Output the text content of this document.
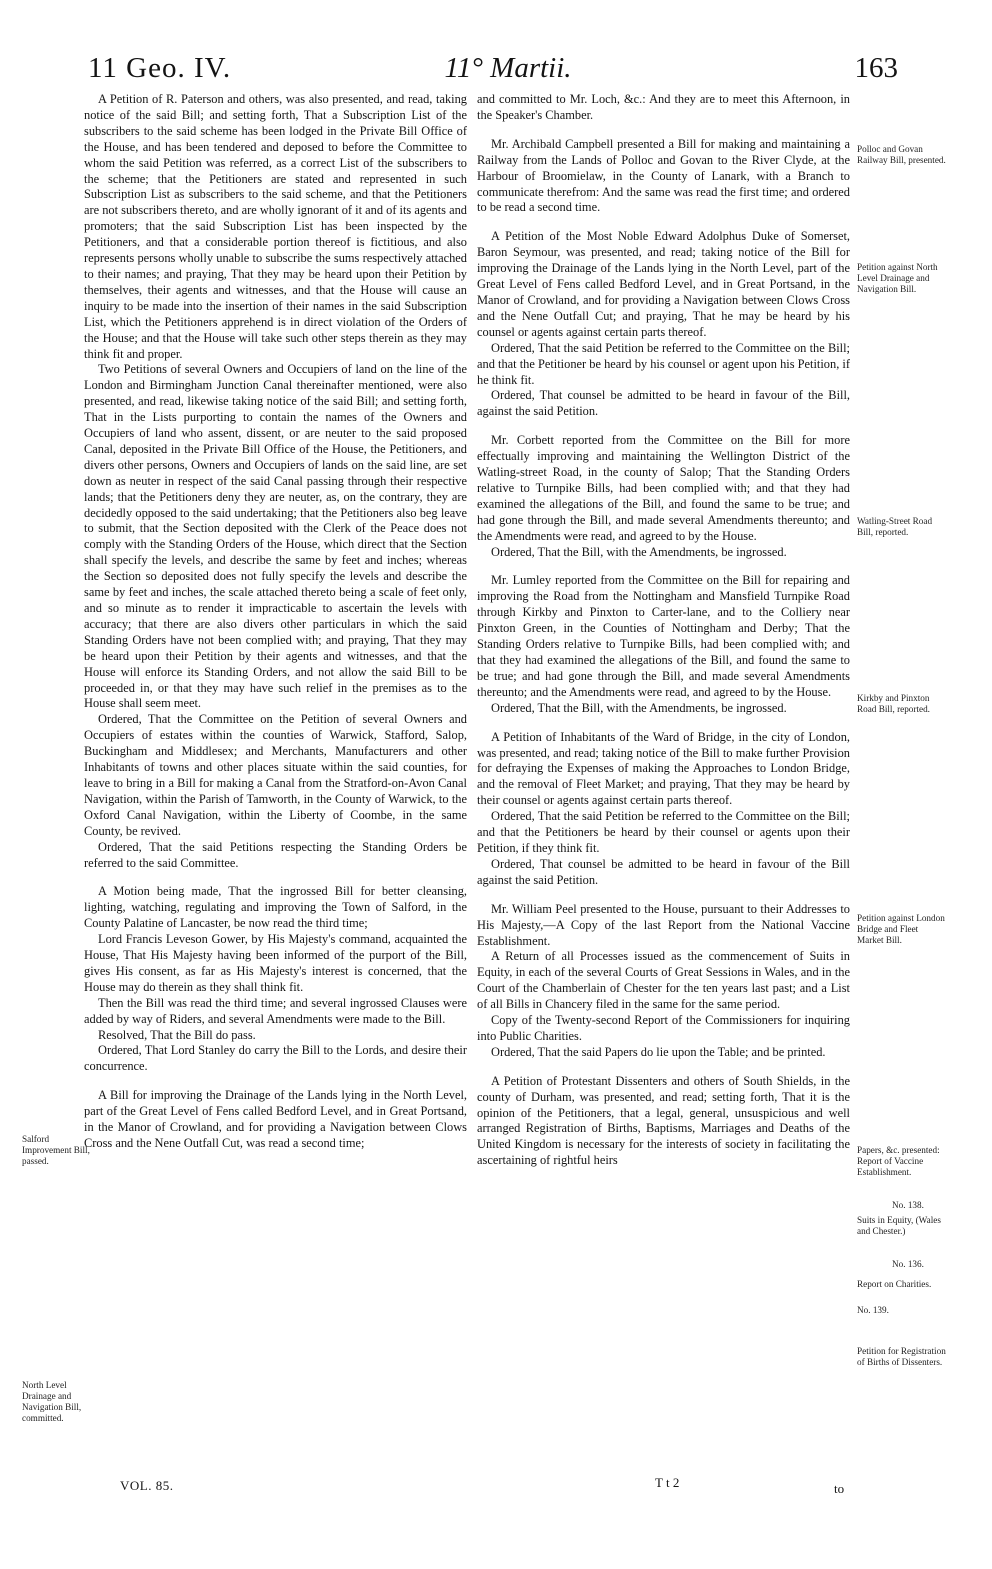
11 Geo. IV.	11° Martii.	163

A Petition of R. Paterson and others, was also presented, and read, taking notice of the said Bill; and setting forth, That a Subscription List of the subscribers to the said scheme has been lodged in the Private Bill Office of the House, and has been tendered and deposed to before the Committee to whom the said Petition was referred, as a correct List of the subscribers to the scheme; that the Petitioners are stated and represented in such Subscription List as subscribers to the said scheme, and that the Petitioners are not subscribers thereto, and are wholly ignorant of it and of its agents and promoters; that the said Subscription List has been inspected by the Petitioners, and that a considerable portion thereof is fictitious, and also represents persons wholly unable to subscribe the sums respectively attached to their names; and praying, That they may be heard upon their Petition by themselves, their agents and witnesses, and that the House will cause an inquiry to be made into the insertion of their names in the said Subscription List, which the Petitioners apprehend is in direct violation of the Orders of the House; and that the House will take such other steps therein as they may think fit and proper.

Two Petitions of several Owners and Occupiers of land on the line of the London and Birmingham Junction Canal thereinafter mentioned, were also presented, and read, likewise taking notice of the said Bill; and setting forth, That in the Lists purporting to contain the names of the Owners and Occupiers of land who assent, dissent, or are neuter to the said proposed Canal, deposited in the Private Bill Office of the House, the Petitioners, and divers other persons, Owners and Occupiers of lands on the said line, are set down as neuter in respect of the said Canal passing through their respective lands; that the Petitioners deny they are neuter, as, on the contrary, they are decidedly opposed to the said undertaking; that the Petitioners also beg leave to submit, that the Section deposited with the Clerk of the Peace does not comply with the Standing Orders of the House, which direct that the Section shall specify the levels, and describe the same by feet and inches; whereas the Section so deposited does not fully specify the levels and describe the same by feet and inches, the scale attached thereto being a scale of feet only, and so minute as to render it impracticable to ascertain the levels with accuracy; that there are also divers other particulars in which the said Standing Orders have not been complied with; and praying, That they may be heard upon their Petition by their agents and witnesses, and that the House will enforce its Standing Orders, and not allow the said Bill to be proceeded in, or that they may have such relief in the premises as to the House shall seem meet.

Ordered, That the Committee on the Petition of several Owners and Occupiers of estates within the counties of Warwick, Stafford, Salop, Buckingham and Middlesex; and Merchants, Manufacturers and other Inhabitants of towns and other places situate within the said counties, for leave to bring in a Bill for making a Canal from the Stratford-on-Avon Canal Navigation, within the Parish of Tamworth, in the County of Warwick, to the Oxford Canal Navigation, within the Liberty of Coombe, in the same County, be revived.

Ordered, That the said Petitions respecting the Standing Orders be referred to the said Committee.

A Motion being made, That the ingrossed Bill for better cleansing, lighting, watching, regulating and improving the Town of Salford, in the County Palatine of Lancaster, be now read the third time;

Lord Francis Leveson Gower, by His Majesty's command, acquainted the House, That His Majesty having been informed of the purport of the Bill, gives His consent, as far as His Majesty's interest is concerned, that the House may do therein as they shall think fit.

Then the Bill was read the third time; and several ingrossed Clauses were added by way of Riders, and several Amendments were made to the Bill.

Resolved, That the Bill do pass.

Ordered, That Lord Stanley do carry the Bill to the Lords, and desire their concurrence.

A Bill for improving the Drainage of the Lands lying in the North Level, part of the Great Level of Fens called Bedford Level, and in Great Portsand, in the Manor of Crowland, and for providing a Navigation between Clows Cross and the Nene Outfall Cut, was read a second time;

and committed to Mr. Loch, &c.: And they are to meet this Afternoon, in the Speaker's Chamber.

Mr. Archibald Campbell presented a Bill for making and maintaining a Railway from the Lands of Polloc and Govan to the River Clyde, at the Harbour of Broomielaw, in the County of Lanark, with a Branch to communicate therefrom: And the same was read the first time; and ordered to be read a second time.

A Petition of the Most Noble Edward Adolphus Duke of Somerset, Baron Seymour, was presented, and read; taking notice of the Bill for improving the Drainage of the Lands lying in the North Level, part of the Great Level of Fens called Bedford Level, and in Great Portsand, in the Manor of Crowland, and for providing a Navigation between Clows Cross and the Nene Outfall Cut; and praying, That he may be heard by his counsel or agents against certain parts thereof.

Ordered, That the said Petition be referred to the Committee on the Bill; and that the Petitioner be heard by his counsel or agent upon his Petition, if he think fit.

Ordered, That counsel be admitted to be heard in favour of the Bill, against the said Petition.

Mr. Corbett reported from the Committee on the Bill for more effectually improving and maintaining the Wellington District of the Watling-street Road, in the county of Salop; That the Standing Orders relative to Turnpike Bills, had been complied with; and that they had examined the allegations of the Bill, and found the same to be true; and had gone through the Bill, and made several Amendments thereunto; and the Amendments were read, and agreed to by the House.

Ordered, That the Bill, with the Amendments, be ingrossed.

Mr. Lumley reported from the Committee on the Bill for repairing and improving the Road from the Nottingham and Mansfield Turnpike Road through Kirkby and Pinxton to Carter-lane, and to the Colliery near Pinxton Green, in the Counties of Nottingham and Derby; That the Standing Orders relative to Turnpike Bills, had been complied with; and that they had examined the allegations of the Bill, and found the same to be true; and had gone through the Bill, and made several Amendments thereunto; and the Amendments were read, and agreed to by the House.

Ordered, That the Bill, with the Amendments, be ingrossed.

A Petition of Inhabitants of the Ward of Bridge, in the city of London, was presented, and read; taking notice of the Bill to make further Provision for defraying the Expenses of making the Approaches to London Bridge, and the removal of Fleet Market; and praying, That they may be heard by their counsel or agents against certain parts thereof.

Ordered, That the said Petition be referred to the Committee on the Bill; and that the Petitioners be heard by their counsel or agents upon their Petition, if they think fit.

Ordered, That counsel be admitted to be heard in favour of the Bill against the said Petition.

Mr. William Peel presented to the House, pursuant to their Addresses to His Majesty,—A Copy of the last Report from the National Vaccine Establishment.

A Return of all Processes issued as the commencement of Suits in Equity, in each of the several Courts of Great Sessions in Wales, and in the Court of the Chamberlain of Chester for the ten years last past; and a List of all Bills in Chancery filed in the same for the same period.

Copy of the Twenty-second Report of the Commissioners for inquiring into Public Charities.

Ordered, That the said Papers do lie upon the Table; and be printed.

A Petition of Protestant Dissenters and others of South Shields, in the county of Durham, was presented, and read; setting forth, That it is the opinion of the Petitioners, that a legal, general, unsuspicious and well arranged Registration of Births, Baptisms, Marriages and Deaths of the United Kingdom is necessary for the interests of society in facilitating the ascertaining of rightful heirs

Polloc and Govan Railway Bill, presented.
Petition against North Level Drainage and Navigation Bill.
Watling-Street Road Bill, reported.
Kirkby and Pinxton Road Bill, reported.
Petition against London Bridge and Fleet Market Bill.
Papers, &c. presented: Report of Vaccine Establishment.
No. 138.
Suits in Equity, (Wales and Chester.)
No. 136.
Report on Charities.
No. 139.
Petition for Registration of Births of Dissenters.
Salford Improvement Bill, passed.
North Level Drainage and Navigation Bill, committed.
VOL. 85.	T t 2	to
